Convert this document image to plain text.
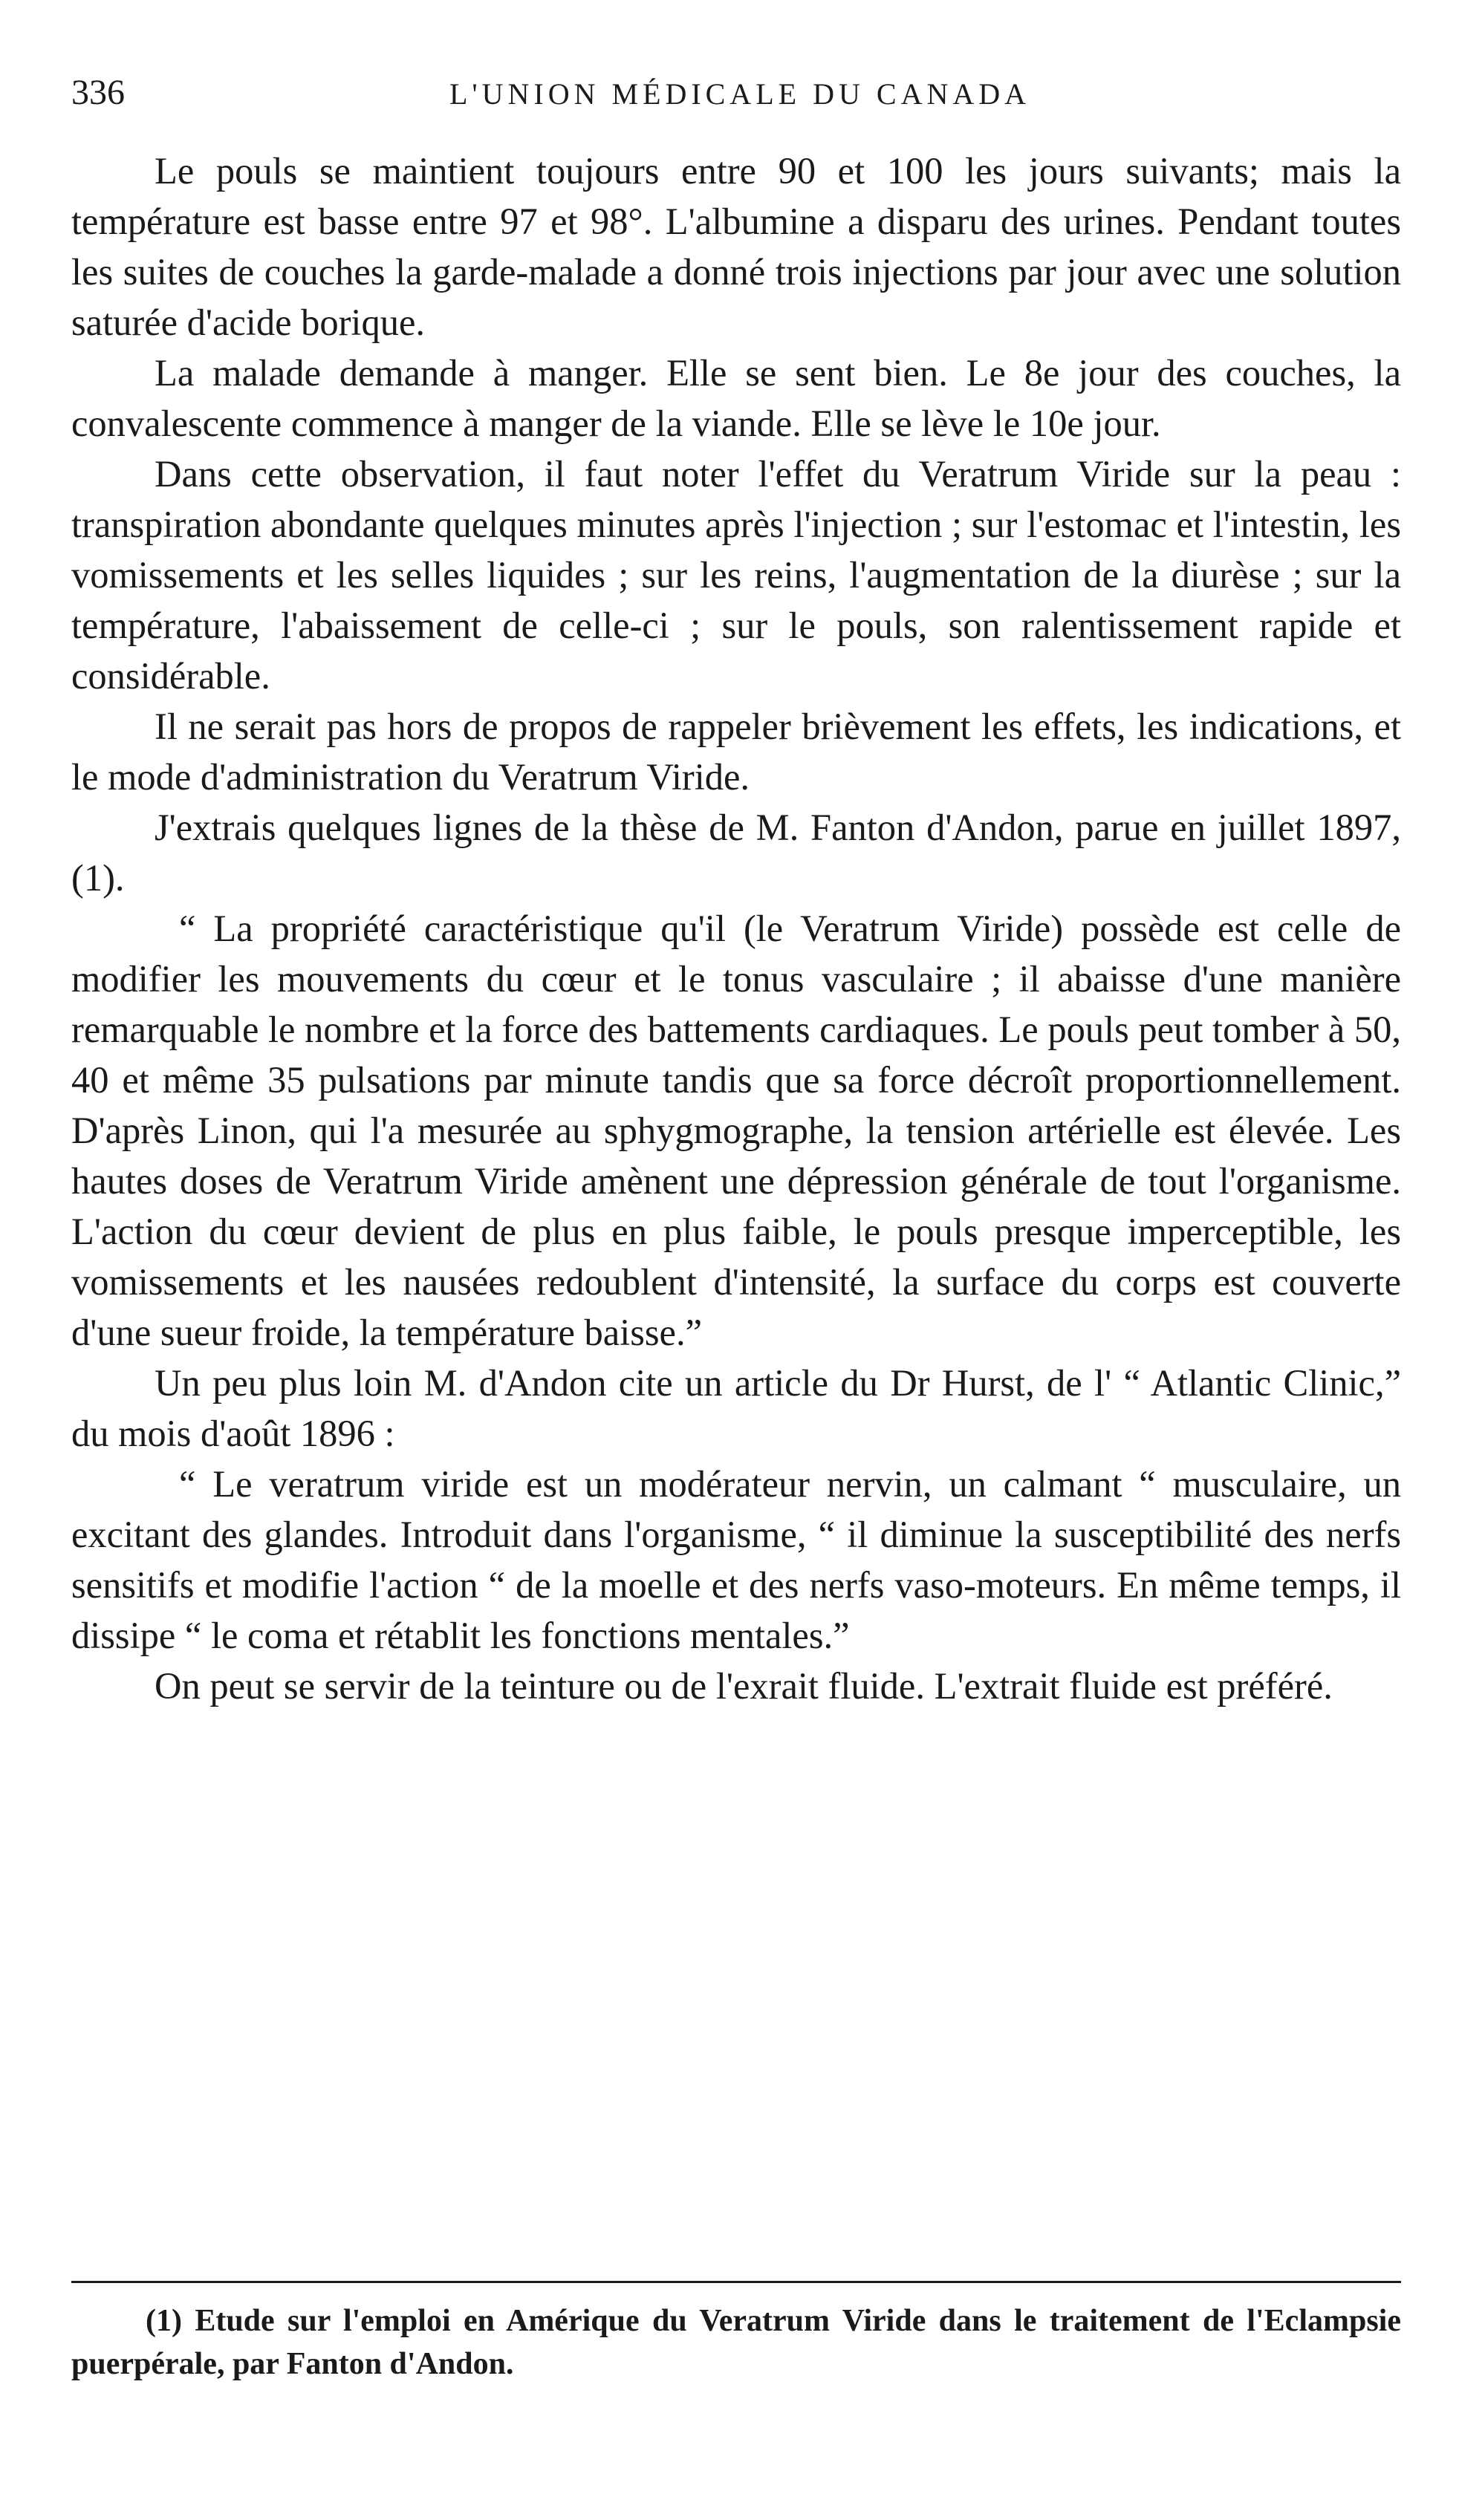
336	L'UNION MÉDICALE DU CANADA

Le pouls se maintient toujours entre 90 et 100 les jours suivants; mais la température est basse entre 97 et 98°. L'albumine a disparu des urines. Pendant toutes les suites de couches la garde-malade a donné trois injections par jour avec une solution saturée d'acide borique.

La malade demande à manger. Elle se sent bien. Le 8e jour des couches, la convalescente commence à manger de la viande. Elle se lève le 10e jour.

Dans cette observation, il faut noter l'effet du Veratrum Viride sur la peau : transpiration abondante quelques minutes après l'injection ; sur l'estomac et l'intestin, les vomissements et les selles liquides ; sur les reins, l'augmentation de la diurèse ; sur la température, l'abaissement de celle-ci ; sur le pouls, son ralentissement rapide et considérable.

Il ne serait pas hors de propos de rappeler brièvement les effets, les indications, et le mode d'administration du Veratrum Viride.

J'extrais quelques lignes de la thèse de M. Fanton d'Andon, parue en juillet 1897, (1).

“ La propriété caractéristique qu'il (le Veratrum Viride) possède est celle de modifier les mouvements du cœur et le tonus vasculaire ; il abaisse d'une manière remarquable le nombre et la force des battements cardiaques. Le pouls peut tomber à 50, 40 et même 35 pulsations par minute tandis que sa force décroît proportionnellement. D'après Linon, qui l'a mesurée au sphygmographe, la tension artérielle est élevée. Les hautes doses de Veratrum Viride amènent une dépression générale de tout l'organisme. L'action du cœur devient de plus en plus faible, le pouls presque imperceptible, les vomissements et les nausées redoublent d'intensité, la surface du corps est couverte d'une sueur froide, la température baisse.”

Un peu plus loin M. d'Andon cite un article du Dr Hurst, de l' “ Atlantic Clinic,” du mois d'août 1896 :

“ Le veratrum viride est un modérateur nervin, un calmant “ musculaire, un excitant des glandes. Introduit dans l'organisme, “ il diminue la susceptibilité des nerfs sensitifs et modifie l'action “ de la moelle et des nerfs vaso-moteurs. En même temps, il dissipe “ le coma et rétablit les fonctions mentales.”

On peut se servir de la teinture ou de l'exrait fluide. L'extrait fluide est préféré.

(1) Etude sur l'emploi en Amérique du Veratrum Viride dans le traitement de l'Eclampsie puerpérale, par Fanton d'Andon.
